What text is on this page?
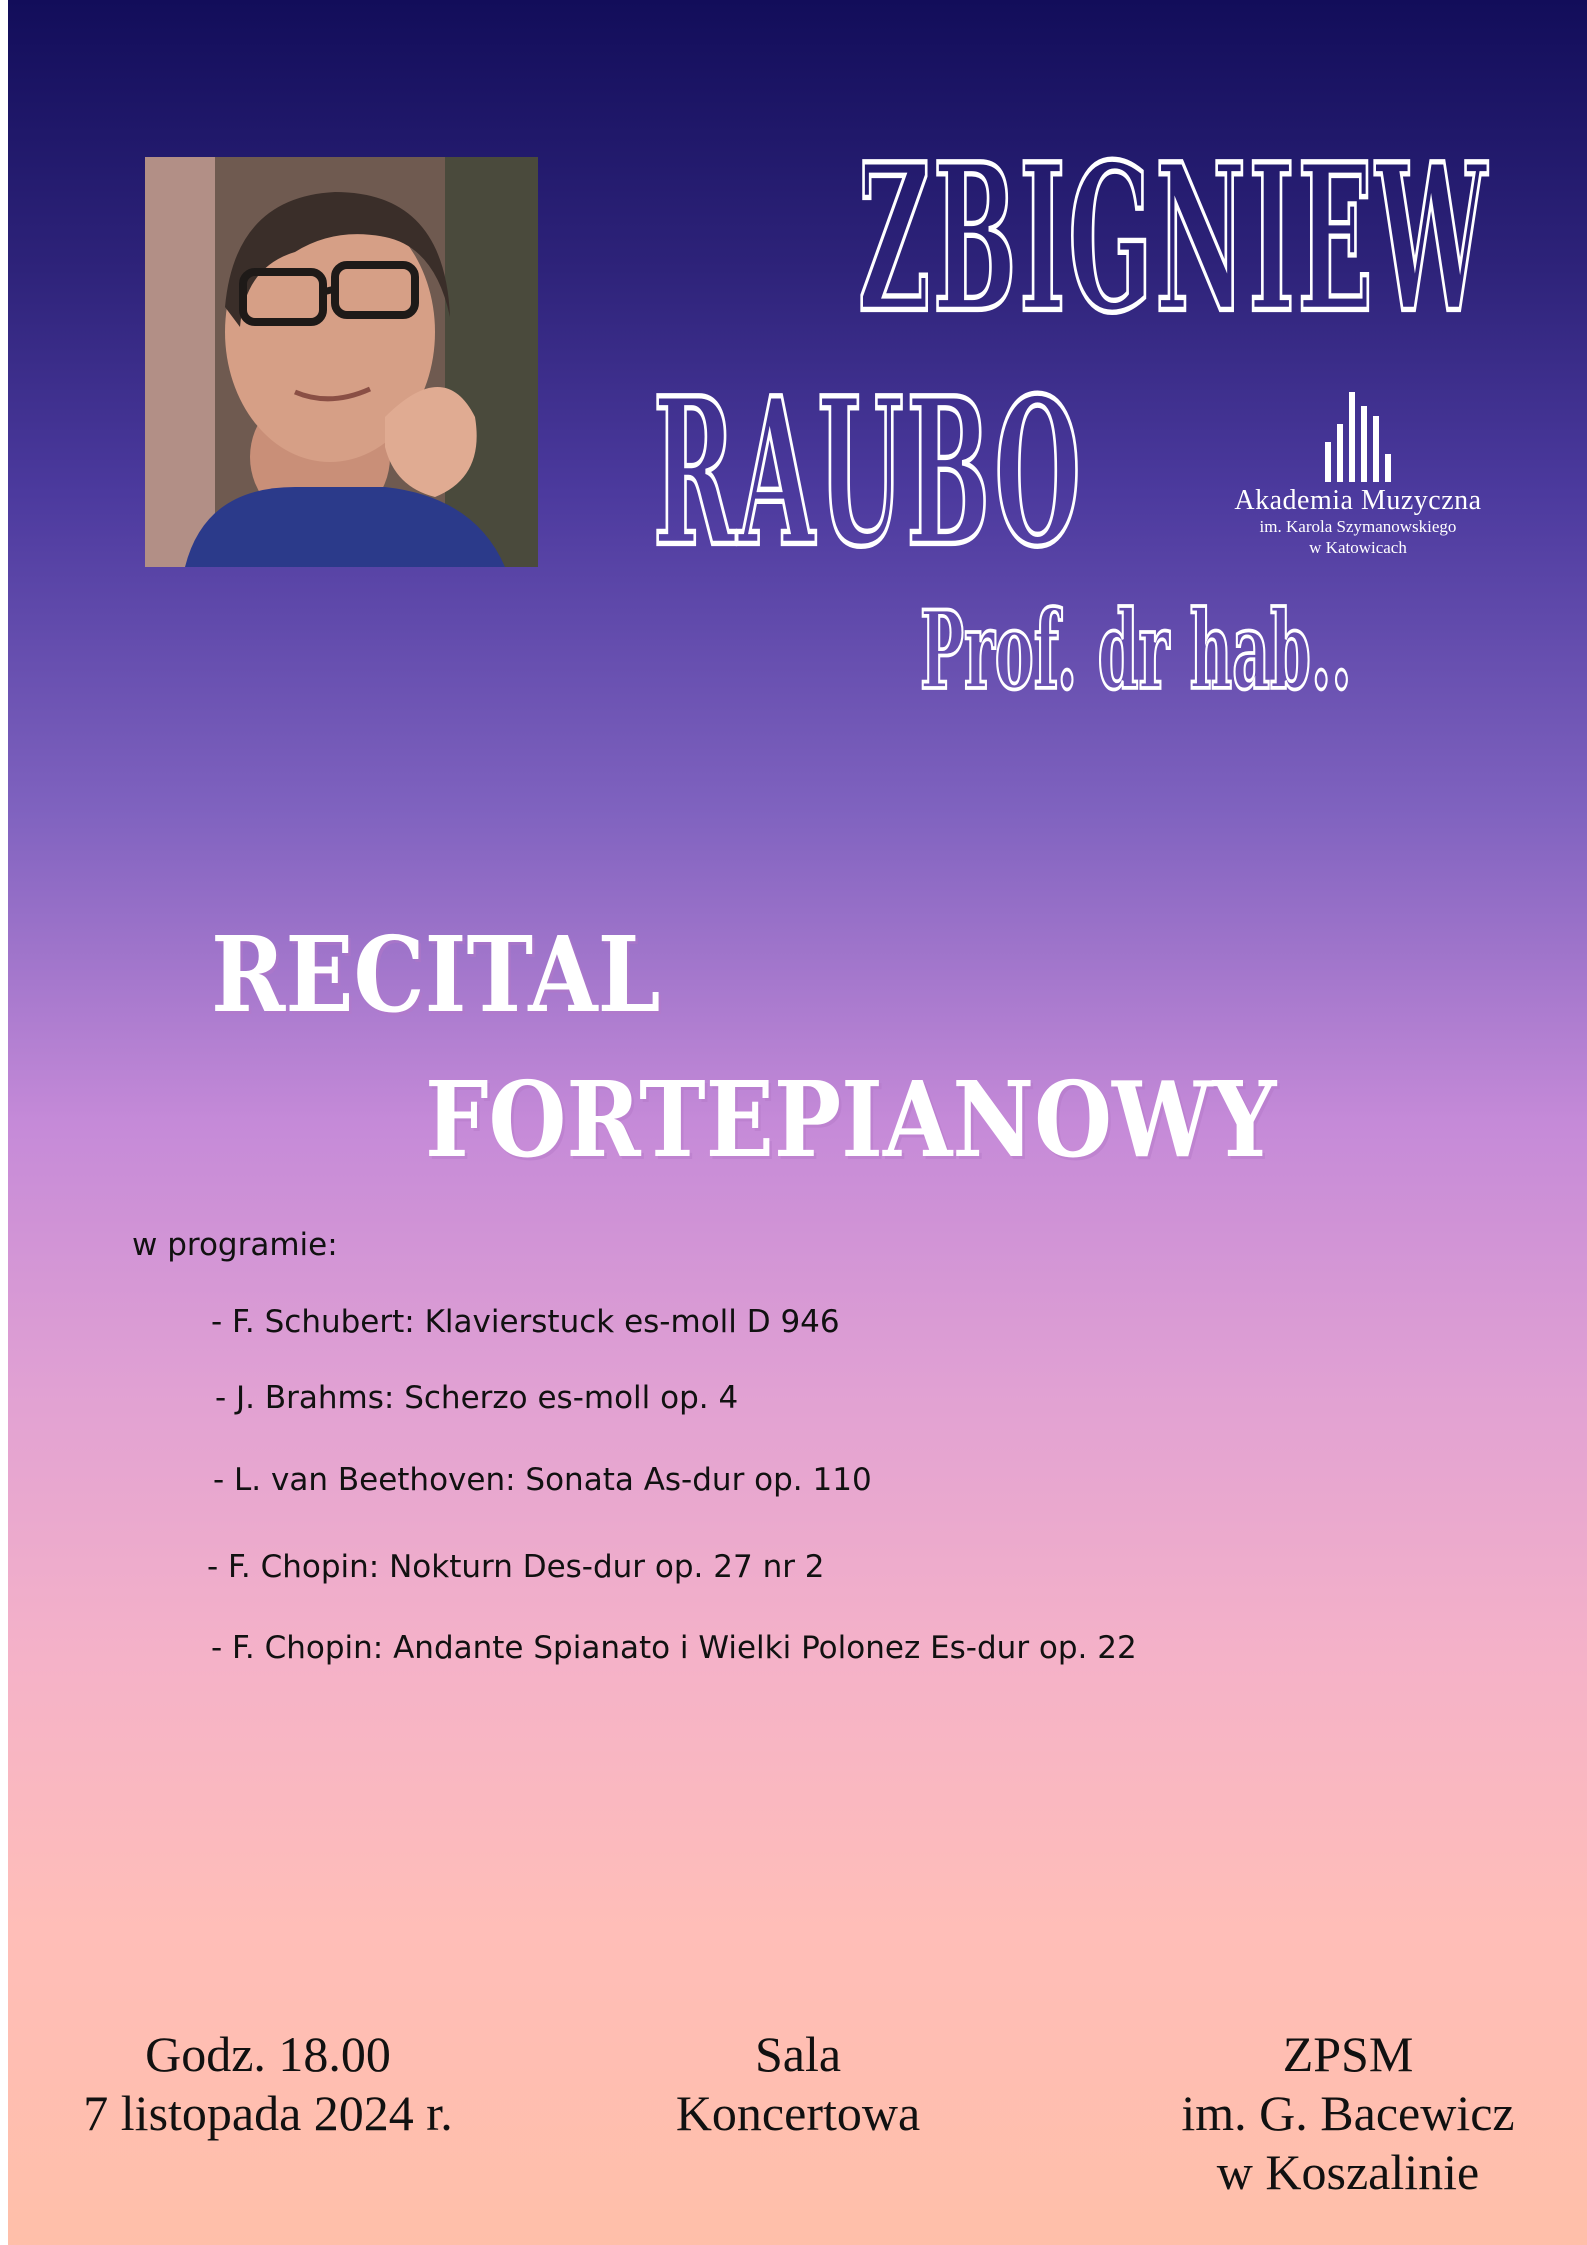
ZBIGNIEW
RAUBO
Prof. dr hab..
Akademia Muzyczna
im. Karola Szymanowskiego
w Katowicach
RECITAL
FORTEPIANOWY
w programie:
- F. Schubert: Klavierstuck es-moll D 946
- J. Brahms: Scherzo es-moll op. 4
- L. van Beethoven: Sonata As-dur op. 110
- F. Chopin: Nokturn Des-dur op. 27 nr 2
- F. Chopin: Andante Spianato i Wielki Polonez Es-dur op. 22
Godz. 18.00
7 listopada 2024 r.
Sala
Koncertowa
ZPSM
im. G. Bacewicz
w Koszalinie
